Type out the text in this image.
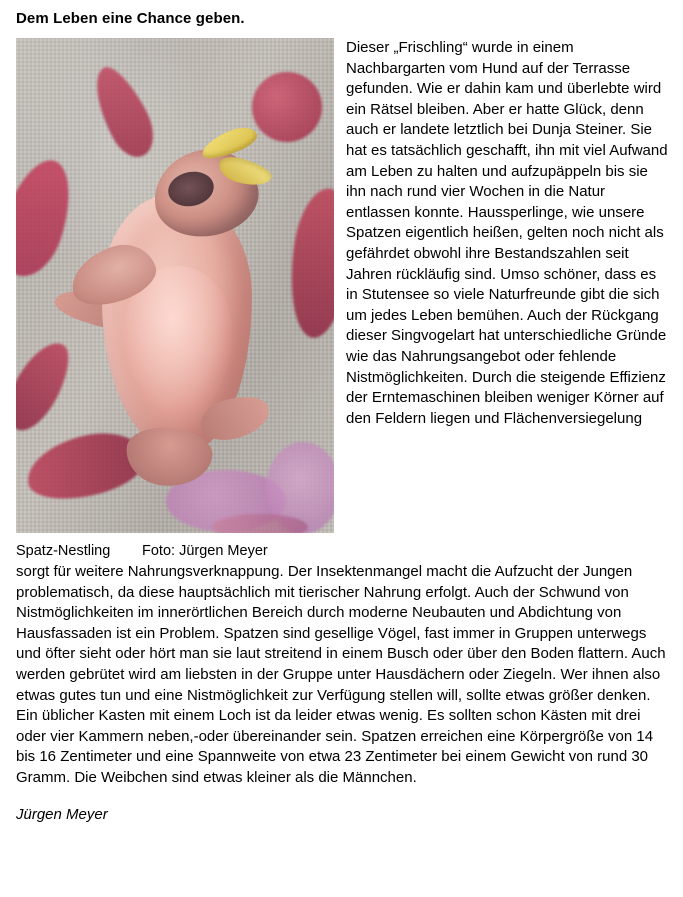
Dem Leben eine Chance geben.
Spatz-Nestling	Foto: Jürgen Meyer
Dieser „Frischling“ wurde in einem Nachbargarten vom Hund auf der Terrasse gefunden. Wie er dahin kam und überlebte wird ein Rätsel bleiben. Aber er hatte Glück, denn auch er landete letztlich bei Dunja Steiner. Sie hat es tatsächlich geschafft, ihn mit viel Aufwand am Leben zu halten und aufzupäppeln bis sie ihn nach rund vier Wochen in die Natur entlassen konnte. Haussperlinge, wie unsere Spatzen eigentlich heißen, gelten noch nicht als gefährdet obwohl ihre Bestandszahlen seit Jahren rückläufig sind. Umso schöner, dass es in Stutensee so viele Naturfreunde gibt die sich um jedes Leben bemühen. Auch der Rückgang dieser Singvogelart hat unterschiedliche Gründe wie das Nahrungsangebot oder fehlende Nistmöglichkeiten. Durch die steigende Effizienz der Erntemaschinen bleiben weniger Körner auf den Feldern liegen und Flächenversiegelung

sorgt für weitere Nahrungsverknappung. Der Insektenmangel macht die Aufzucht der Jungen problematisch, da diese hauptsächlich mit tierischer Nahrung erfolgt. Auch der Schwund von Nistmöglichkeiten im innerörtlichen Bereich durch moderne Neubauten und Abdichtung von Hausfassaden ist ein Problem. Spatzen sind gesellige Vögel, fast immer in Gruppen unterwegs und öfter sieht oder hört man sie laut streitend in einem Busch oder über den Boden flattern. Auch werden gebrütet wird am liebsten in der Gruppe unter Hausdächern oder Ziegeln. Wer ihnen also etwas gutes tun und eine Nistmöglichkeit zur Verfügung stellen will, sollte etwas größer denken. Ein üblicher Kasten mit einem Loch ist da leider etwas wenig. Es sollten schon Kästen mit drei oder vier Kammern neben,-oder übereinander sein. Spatzen erreichen eine Körpergröße von 14 bis 16 Zentimeter und eine Spannweite von etwa 23 Zentimeter bei einem Gewicht von rund 30 Gramm. Die Weibchen sind etwas kleiner als die Männchen.

Jürgen Meyer
